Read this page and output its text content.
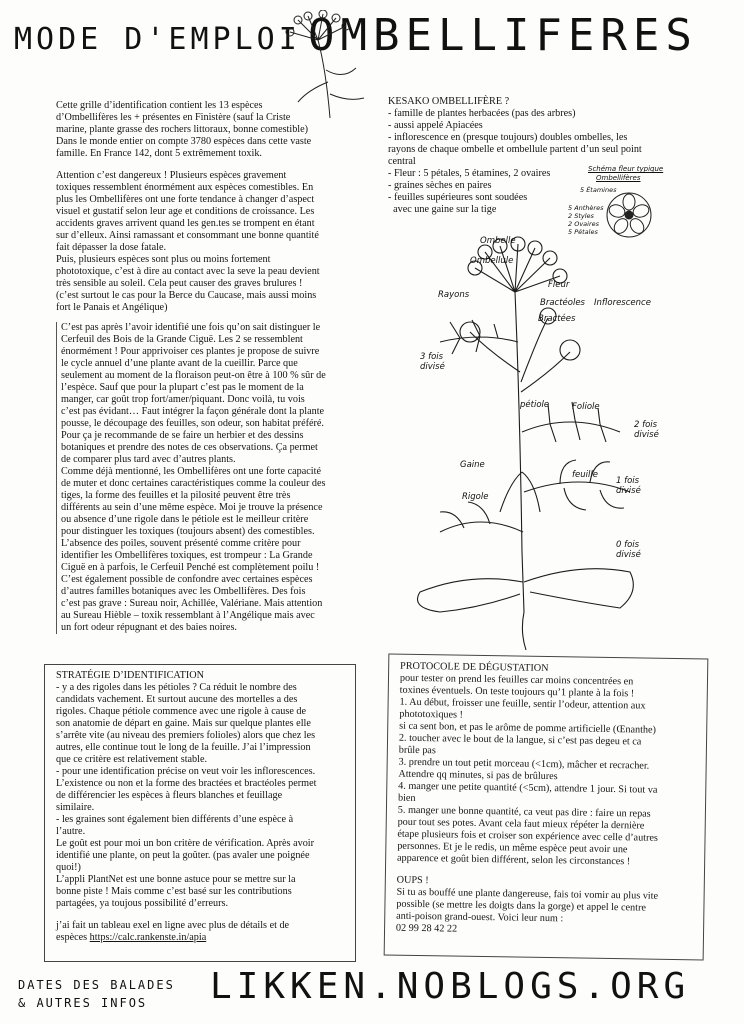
MODE D'EMPLOI OMBELLIFERES

Cette grille d’identification contient les 13 espèces

d’Ombellifères les + présentes en Finistère (sauf la Criste

marine, plante grasse des rochers littoraux, bonne comestible)

Dans le monde entier on compte 3780 espèces dans cette vaste

famille. En France 142, dont 5 extrêmement toxik.

Attention c’est dangereux ! Plusieurs espèces gravement

toxiques ressemblent énormément aux espèces comestibles. En

plus les Ombellifères ont une forte tendance à changer d’aspect

visuel et gustatif selon leur age et conditions de croissance. Les

accidents graves arrivent quand les gen.tes se trompent en étant

sur d’elleux. Ainsi ramassant et consommant une bonne quantité

fait dépasser la dose fatale.

Puis, plusieurs espèces sont plus ou moins fortement

phototoxique, c’est à dire au contact avec la seve la peau devient

très sensible au soleil. Cela peut causer des graves brulures !

(c’est surtout le cas pour la Berce du Caucase, mais aussi moins

fort le Panais et Angélique)

C’est pas après l’avoir identifié une fois qu’on sait distinguer le

Cerfeuil des Bois de la Grande Ciguë. Les 2 se ressemblent

énormément ! Pour apprivoiser ces plantes je propose de suivre

le cycle annuel d’une plante avant de la cueillir. Parce que

seulement au moment de la floraison peut-on être à 100 % sûr de

l’espèce. Sauf que pour la plupart c’est pas le moment de la

manger, car goût trop fort/amer/piquant. Donc voilà, tu vois

c’est pas évidant… Faut intégrer la façon générale dont la plante

pousse, le découpage des feuilles, son odeur, son habitat préféré.

Pour ça je recommande de se faire un herbier et des dessins

botaniques et prendre des notes de ces observations. Ça permet

de comparer plus tard avec d’autres plants.

Comme déjà mentionné, les Ombellifères ont une forte capacité

de muter et donc certaines caractéristiques comme la couleur des

tiges, la forme des feuilles et la pilosité peuvent être très

différents au sein d’une même espèce. Moi je trouve la présence

ou absence d’une rigole dans le pétiole est le meilleur critère

pour distinguer les toxiques (toujours absent) des comestibles.

L’absence des poiles, souvent présenté comme critère pour

identifier les Ombellifères toxiques, est trompeur : La Grande

Ciguë en à parfois, le Cerfeuil Penché est complètement poilu !

C’est également possible de confondre avec certaines espèces

d’autres familles botaniques avec les Ombellifères. Des fois

c’est pas grave : Sureau noir, Achillée, Valériane. Mais attention

au Sureau Hièble – toxik ressemblant à l’Angélique mais avec

un fort odeur répugnant et des baies noires.

KESAKO OMBELLIFÈRE ?

- famille de plantes herbacées (pas des arbres)

- aussi appelé Apiacées

- inflorescence en (presque toujours) doubles ombelles, les

rayons de chaque ombelle et ombellule partent d’un seul point

central

- Fleur : 5 pétales, 5 étamines, 2 ovaires

- graines sèches en paires

- feuilles supérieures sont soudées

avec une gaine sur la tige

Schéma fleur typique
Ombellifères
5 Étamines
5 Anthères
2 Styles
2 Ovaires
5 Pétales
Ombelle
Ombellule
Rayons
Fleur
Bractéoles
Bractées
Inflorescence
3 fois divisé
pétiole	Foliole
2 fois divisé
Gaine
feuille
1 fois divisé
Rigole
0 fois divisé

STRATÉGIE D’IDENTIFICATION

- y a des rigoles dans les pétioles ? Ca réduit le nombre des

candidats vachement. Et surtout aucune des mortelles a des

rigoles. Chaque pétiole commence avec une rigole à cause de

son anatomie de départ en gaine. Mais sur quelque plantes elle

s’arrête vite (au niveau des premiers folioles) alors que chez les

autres, elle continue tout le long de la feuille. J’ai l’impression

que ce critère est relativement stable.

- pour une identification précise on veut voir les inflorescences.

L’existence ou non et la forme des bractées et bractéoles permet

de différencier les espèces à fleurs blanches et feuillage

similaire.

- les graines sont également bien différents d’une espèce à

l’autre.

Le goût est pour moi un bon critère de vérification. Après avoir

identifié une plante, on peut la goûter. (pas avaler une poignée

quoi!)

L’appli PlantNet est une bonne astuce pour se mettre sur la

bonne piste ! Mais comme c’est basé sur les contributions

partagées, ya toujous possibilité d’erreurs.

j’ai fait un tableau exel en ligne avec plus de détails et de

espèces https://calc.rankenste.in/apia

PROTOCOLE DE DÉGUSTATION

pour tester on prend les feuilles car moins concentrées en

toxines éventuels. On teste toujours qu’1 plante à la fois !

1. Au début, froisser une feuille, sentir l’odeur, attention aux

phototoxiques !

si ca sent bon, et pas le arôme de pomme artificielle (Œnanthe)

2. toucher avec le bout de la langue, si c’est pas degeu et ca

brûle pas

3. prendre un tout petit morceau (<1cm), mâcher et recracher.

Attendre qq minutes, si pas de brûlures

4. manger une petite quantité (<5cm), attendre 1 jour. Si tout va

bien

5. manger une bonne quantité, ca veut pas dire : faire un repas

pour tout ses potes. Avant cela faut mieux répéter la dernière

étape plusieurs fois et croiser son expérience avec celle d’autres

personnes. Et je le redis, un même espèce peut avoir une

apparence et goût bien différent, selon les circonstances !

OUPS !

Si tu as bouffé une plante dangereuse, fais toi vomir au plus vite

possible (se mettre les doigts dans la gorge) et appel le centre

anti-poison grand-ouest. Voici leur num :

02 99 28 42 22

DATES DES BALADES
& AUTRES INFOS	LIKKEN.NOBLOGS.ORG
